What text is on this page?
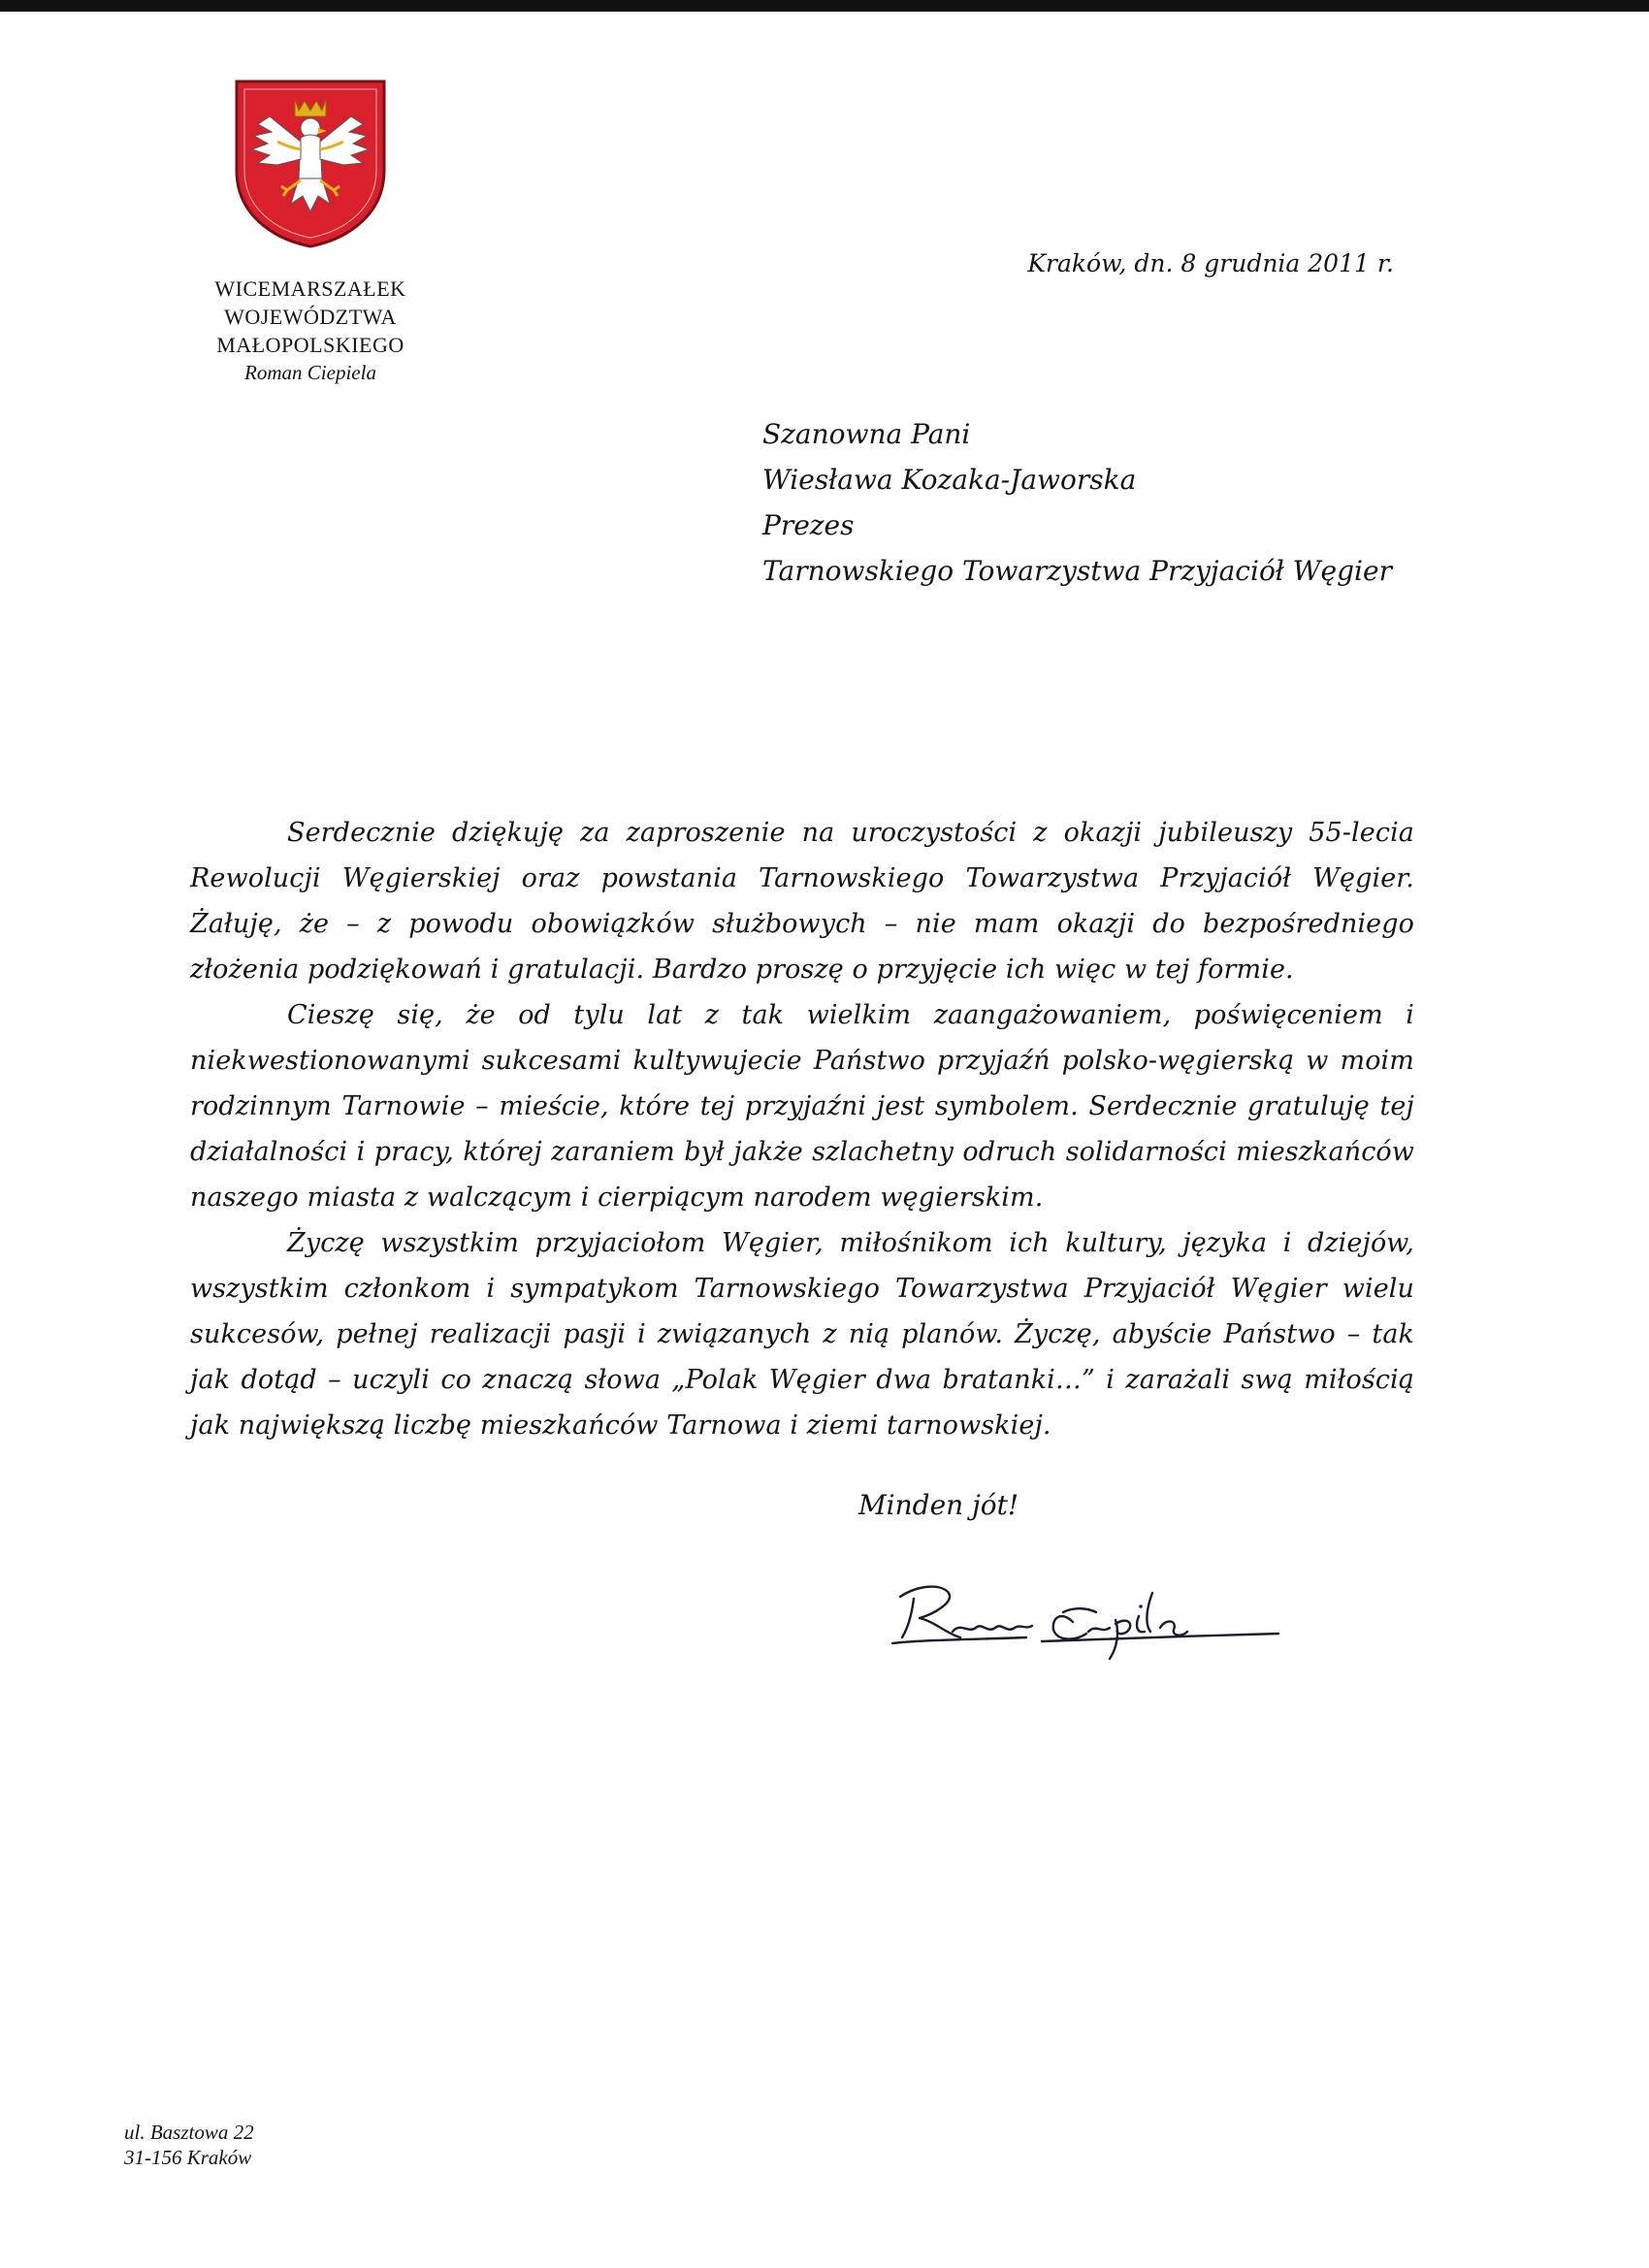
WICEMARSZAŁEK
WOJEWÓDZTWA
MAŁOPOLSKIEGO
Roman Ciepiela
Kraków, dn. 8 grudnia 2011 r.
Szanowna Pani
Wiesława Kozaka-Jaworska
Prezes
Tarnowskiego Towarzystwa Przyjaciół Węgier

Serdecznie dziękuję za zaproszenie na uroczystości z okazji jubileuszy 55-lecia Rewolucji Węgierskiej oraz powstania Tarnowskiego Towarzystwa Przyjaciół Węgier. Żałuję, że – z powodu obowiązków służbowych – nie mam okazji do bezpośredniego złożenia podziękowań i gratulacji. Bardzo proszę o przyjęcie ich więc w tej formie.

Cieszę się, że od tylu lat z tak wielkim zaangażowaniem, poświęceniem i niekwestionowanymi sukcesami kultywujecie Państwo przyjaźń polsko-węgierską w moim rodzinnym Tarnowie – mieście, które tej przyjaźni jest symbolem. Serdecznie gratuluję tej działalności i pracy, której zaraniem był jakże szlachetny odruch solidarności mieszkańców naszego miasta z walczącym i cierpiącym narodem węgierskim.

Życzę wszystkim przyjaciołom Węgier, miłośnikom ich kultury, języka i dziejów, wszystkim członkom i sympatykom Tarnowskiego Towarzystwa Przyjaciół Węgier wielu sukcesów, pełnej realizacji pasji i związanych z nią planów. Życzę, abyście Państwo – tak jak dotąd – uczyli co znaczą słowa „Polak Węgier dwa bratanki…” i zarażali swą miłością jak największą liczbę mieszkańców Tarnowa i ziemi tarnowskiej.

Minden jót!
ul. Basztowa 22
31-156 Kraków
